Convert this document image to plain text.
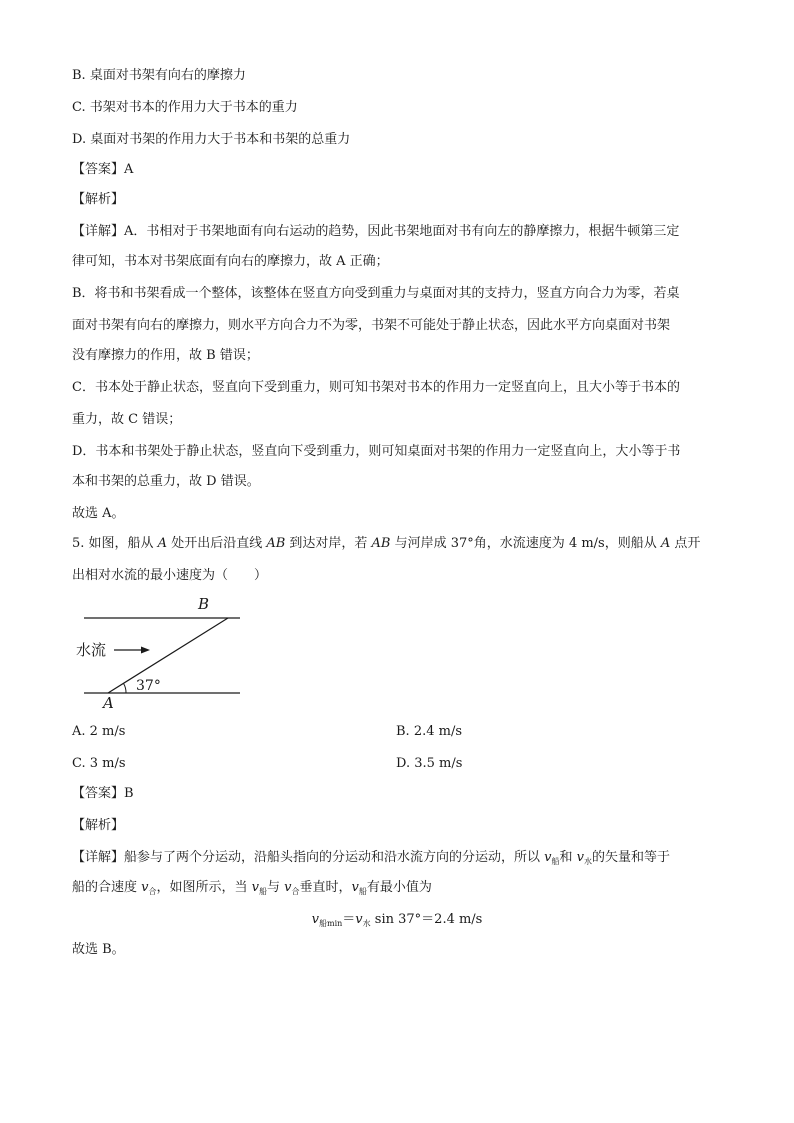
B. 桌面对书架有向右的摩擦力
C. 书架对书本的作用力大于书本的重力
D. 桌面对书架的作用力大于书本和书架的总重力
【答案】A
【解析】
【详解】A．书相对于书架地面有向右运动的趋势，因此书架地面对书有向左的静摩擦力，根据牛顿第三定
律可知，书本对书架底面有向右的摩擦力，故 A 正确；
B．将书和书架看成一个整体，该整体在竖直方向受到重力与桌面对其的支持力，竖直方向合力为零，若桌
面对书架有向右的摩擦力，则水平方向合力不为零，书架不可能处于静止状态，因此水平方向桌面对书架
没有摩擦力的作用，故 B 错误；
C．书本处于静止状态，竖直向下受到重力，则可知书架对书本的作用力一定竖直向上，且大小等于书本的
重力，故 C 错误；
D．书本和书架处于静止状态，竖直向下受到重力，则可知桌面对书架的作用力一定竖直向上，大小等于书
本和书架的总重力，故 D 错误。
故选 A。
5. 如图，船从 A 处开出后沿直线 AB 到达对岸，若 AB 与河岸成 37°角，水流速度为 4 m/s，则船从 A 点开
出相对水流的最小速度为（　　）
B
A
水流
37°
A. 2 m/s	B. 2.4 m/s
C. 3 m/s	D. 3.5 m/s
【答案】B
【解析】
【详解】船参与了两个分运动，沿船头指向的分运动和沿水流方向的分运动，所以 $v_船$和 $v_水$的矢量和等于
船的合速度 $v_合$，如图所示，当 $v_船$与 $v_合$垂直时，$v_船$有最小值为
$v_{船min}=v_水$ sin 37°＝2.4 m/s
故选 B。
